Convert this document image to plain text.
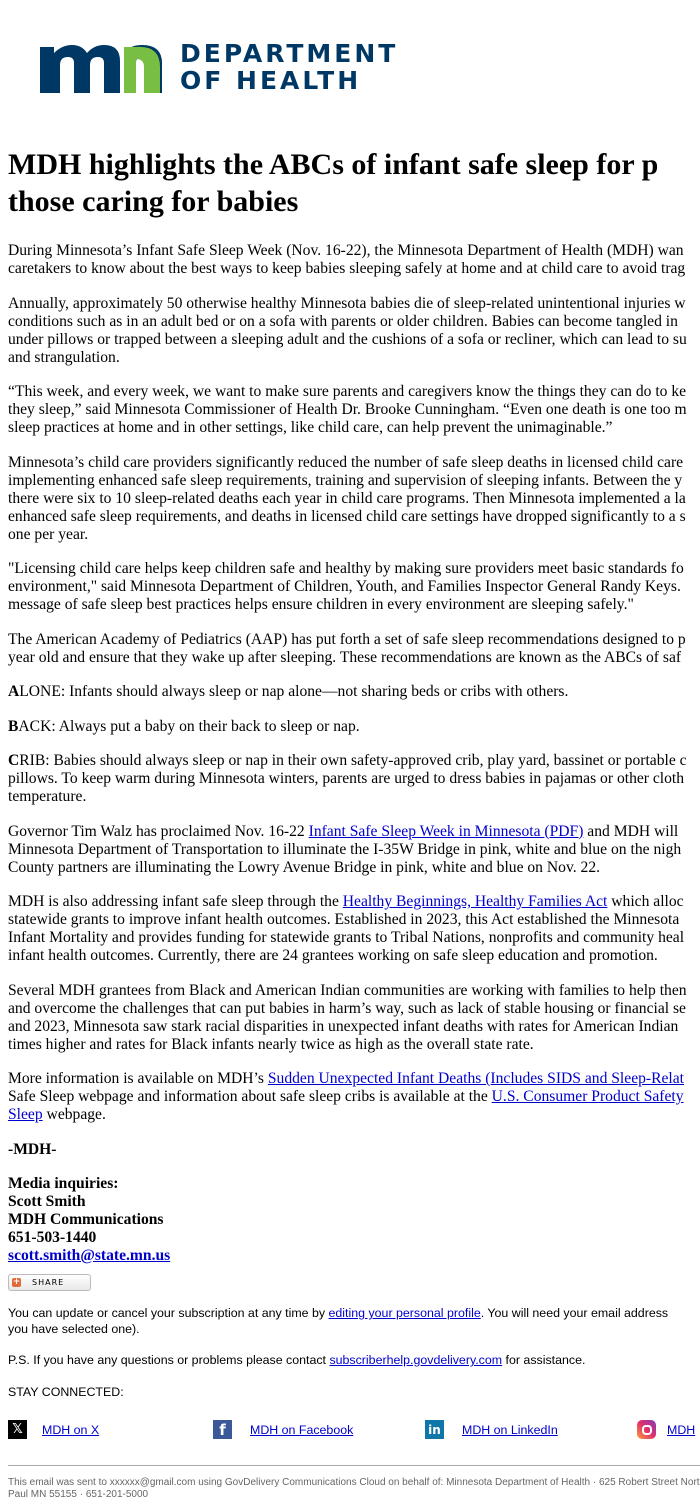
DEPARTMENT
OF HEALTH
MDH highlights the ABCs of infant safe sleep for p
those caring for babies
During Minnesota’s Infant Safe Sleep Week (Nov. 16-22), the Minnesota Department of Health (MDH) wan
caretakers to know about the best ways to keep babies sleeping safely at home and at child care to avoid trag
Annually, approximately 50 otherwise healthy Minnesota babies die of sleep-related unintentional injuries w
conditions such as in an adult bed or on a sofa with parents or older children. Babies can become tangled in
under pillows or trapped between a sleeping adult and the cushions of a sofa or recliner, which can lead to su
and strangulation.
“This week, and every week, we want to make sure parents and caregivers know the things they can do to ke
they sleep,” said Minnesota Commissioner of Health Dr. Brooke Cunningham. “Even one death is one too m
sleep practices at home and in other settings, like child care, can help prevent the unimaginable.”
Minnesota’s child care providers significantly reduced the number of safe sleep deaths in licensed child care
implementing enhanced safe sleep requirements, training and supervision of sleeping infants. Between the y
there were six to 10 sleep-related deaths each year in child care programs. Then Minnesota implemented a la
enhanced safe sleep requirements, and deaths in licensed child care settings have dropped significantly to a s
one per year.
"Licensing child care helps keep children safe and healthy by making sure providers meet basic standards fo
environment," said Minnesota Department of Children, Youth, and Families Inspector General Randy Keys.
message of safe sleep best practices helps ensure children in every environment are sleeping safely."
The American Academy of Pediatrics (AAP) has put forth a set of safe sleep recommendations designed to p
year old and ensure that they wake up after sleeping. These recommendations are known as the ABCs of saf
ALONE: Infants should always sleep or nap alone—not sharing beds or cribs with others.
BACK: Always put a baby on their back to sleep or nap.
CRIB: Babies should always sleep or nap in their own safety-approved crib, play yard, bassinet or portable c
pillows. To keep warm during Minnesota winters, parents are urged to dress babies in pajamas or other cloth
temperature.
Governor Tim Walz has proclaimed Nov. 16-22 Infant Safe Sleep Week in Minnesota (PDF) and MDH will
Minnesota Department of Transportation to illuminate the I-35W Bridge in pink, white and blue on the nigh
County partners are illuminating the Lowry Avenue Bridge in pink, white and blue on Nov. 22.
MDH is also addressing infant safe sleep through the Healthy Beginnings, Healthy Families Act which alloc
statewide grants to improve infant health outcomes. Established in 2023, this Act established the Minnesota
Infant Mortality and provides funding for statewide grants to Tribal Nations, nonprofits and community heal
infant health outcomes. Currently, there are 24 grantees working on safe sleep education and promotion.
Several MDH grantees from Black and American Indian communities are working with families to help then
and overcome the challenges that can put babies in harm’s way, such as lack of stable housing or financial se
and 2023, Minnesota saw stark racial disparities in unexpected infant deaths with rates for American Indian
times higher and rates for Black infants nearly twice as high as the overall state rate.
More information is available on MDH’s Sudden Unexpected Infant Deaths (Includes SIDS and Sleep-Relat
Safe Sleep webpage and information about safe sleep cribs is available at the U.S. Consumer Product Safety
Sleep webpage.
-MDH-
Media inquiries:
Scott Smith
MDH Communications
651-503-1440
scott.smith@state.mn.us
+ SHARE
You can update or cancel your subscription at any time by editing your personal profile. You will need your email address
you have selected one).
P.S. If you have any questions or problems please contact subscriberhelp.govdelivery.com for assistance.
STAY CONNECTED:
𝕏	MDH on X	f	MDH on Facebook	in MDH on LinkedIn	MDH
This email was sent to xxxxxx@gmail.com using GovDelivery Communications Cloud on behalf of: Minnesota Department of Health · 625 Robert Street Nort
Paul MN 55155 · 651-201-5000
